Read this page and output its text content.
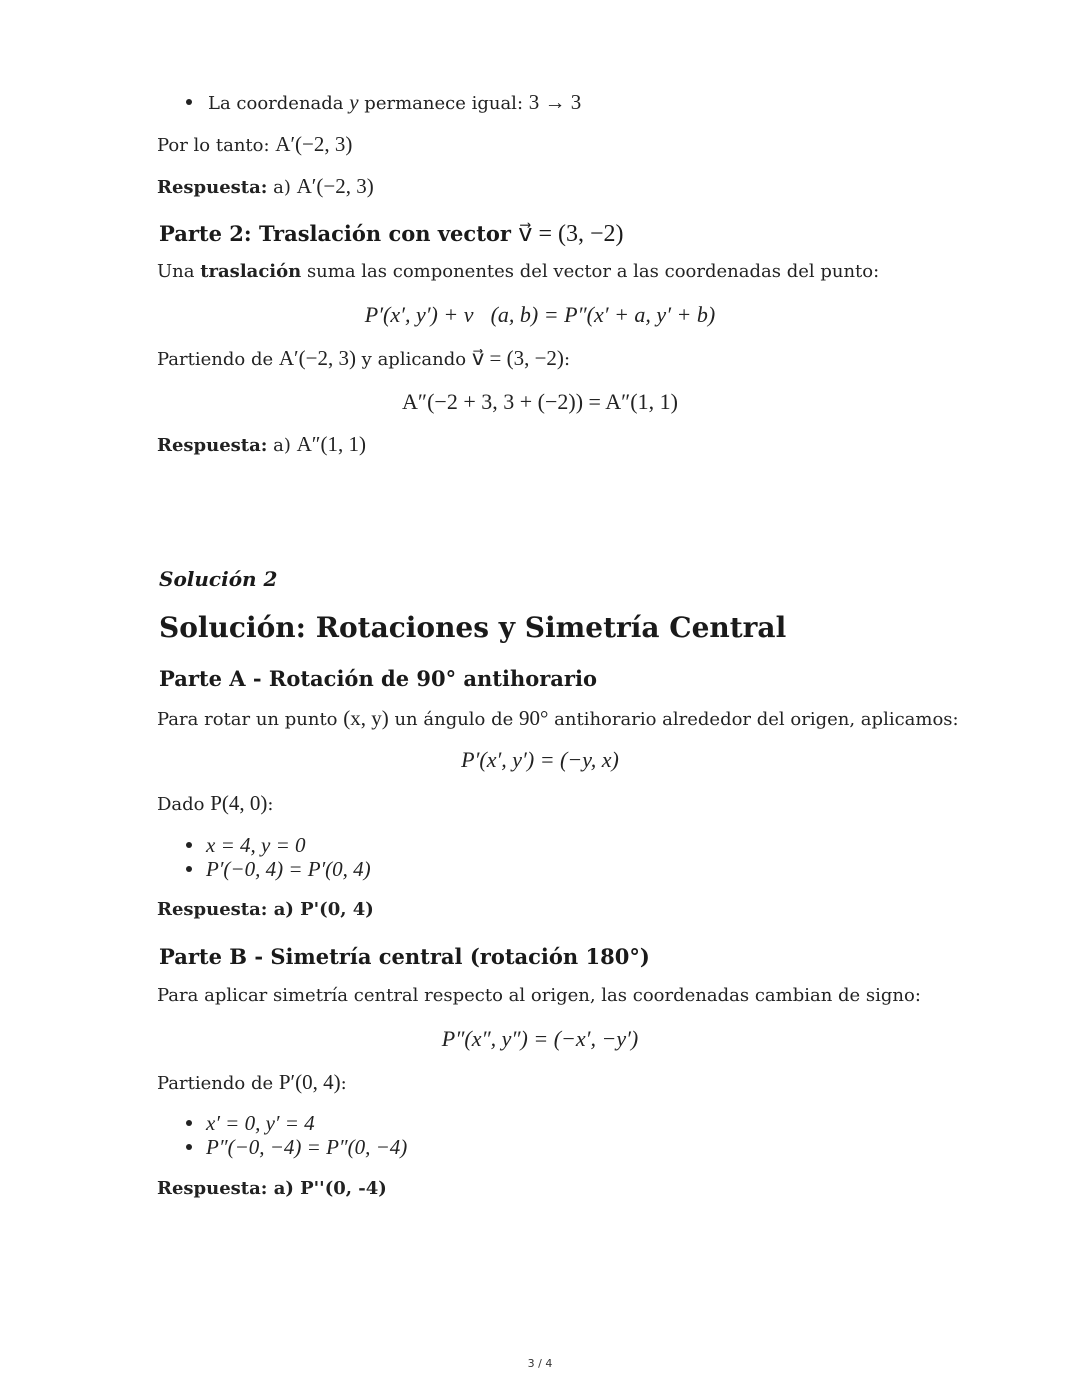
La coordenada y permanece igual: 3 → 3
Por lo tanto: A′(−2, 3)
Respuesta: a) A′(−2, 3)
Parte 2: Traslación con vector v⃗ = (3, −2)
Una traslación suma las componentes del vector a las coordenadas del punto:
P′(x′, y′) + v⃗(a, b) = P″(x′ + a, y′ + b)
Partiendo de A′(−2, 3) y aplicando v⃗ = (3, −2):
A″(−2 + 3, 3 + (−2)) = A″(1, 1)
Respuesta: a) A″(1, 1)
Solución 2
Solución: Rotaciones y Simetría Central
Parte A - Rotación de 90° antihorario
Para rotar un punto (x, y) un ángulo de 90° antihorario alrededor del origen, aplicamos:
P′(x′, y′) = (−y, x)
Dado P(4, 0):
x = 4, y = 0
P′(−0, 4) = P′(0, 4)
Respuesta: a) P'(0, 4)
Parte B - Simetría central (rotación 180°)
Para aplicar simetría central respecto al origen, las coordenadas cambian de signo:
P″(x″, y″) = (−x′, −y′)
Partiendo de P′(0, 4):
x′ = 0, y′ = 4
P″(−0, −4) = P″(0, −4)
Respuesta: a) P''(0, -4)
3 / 4
